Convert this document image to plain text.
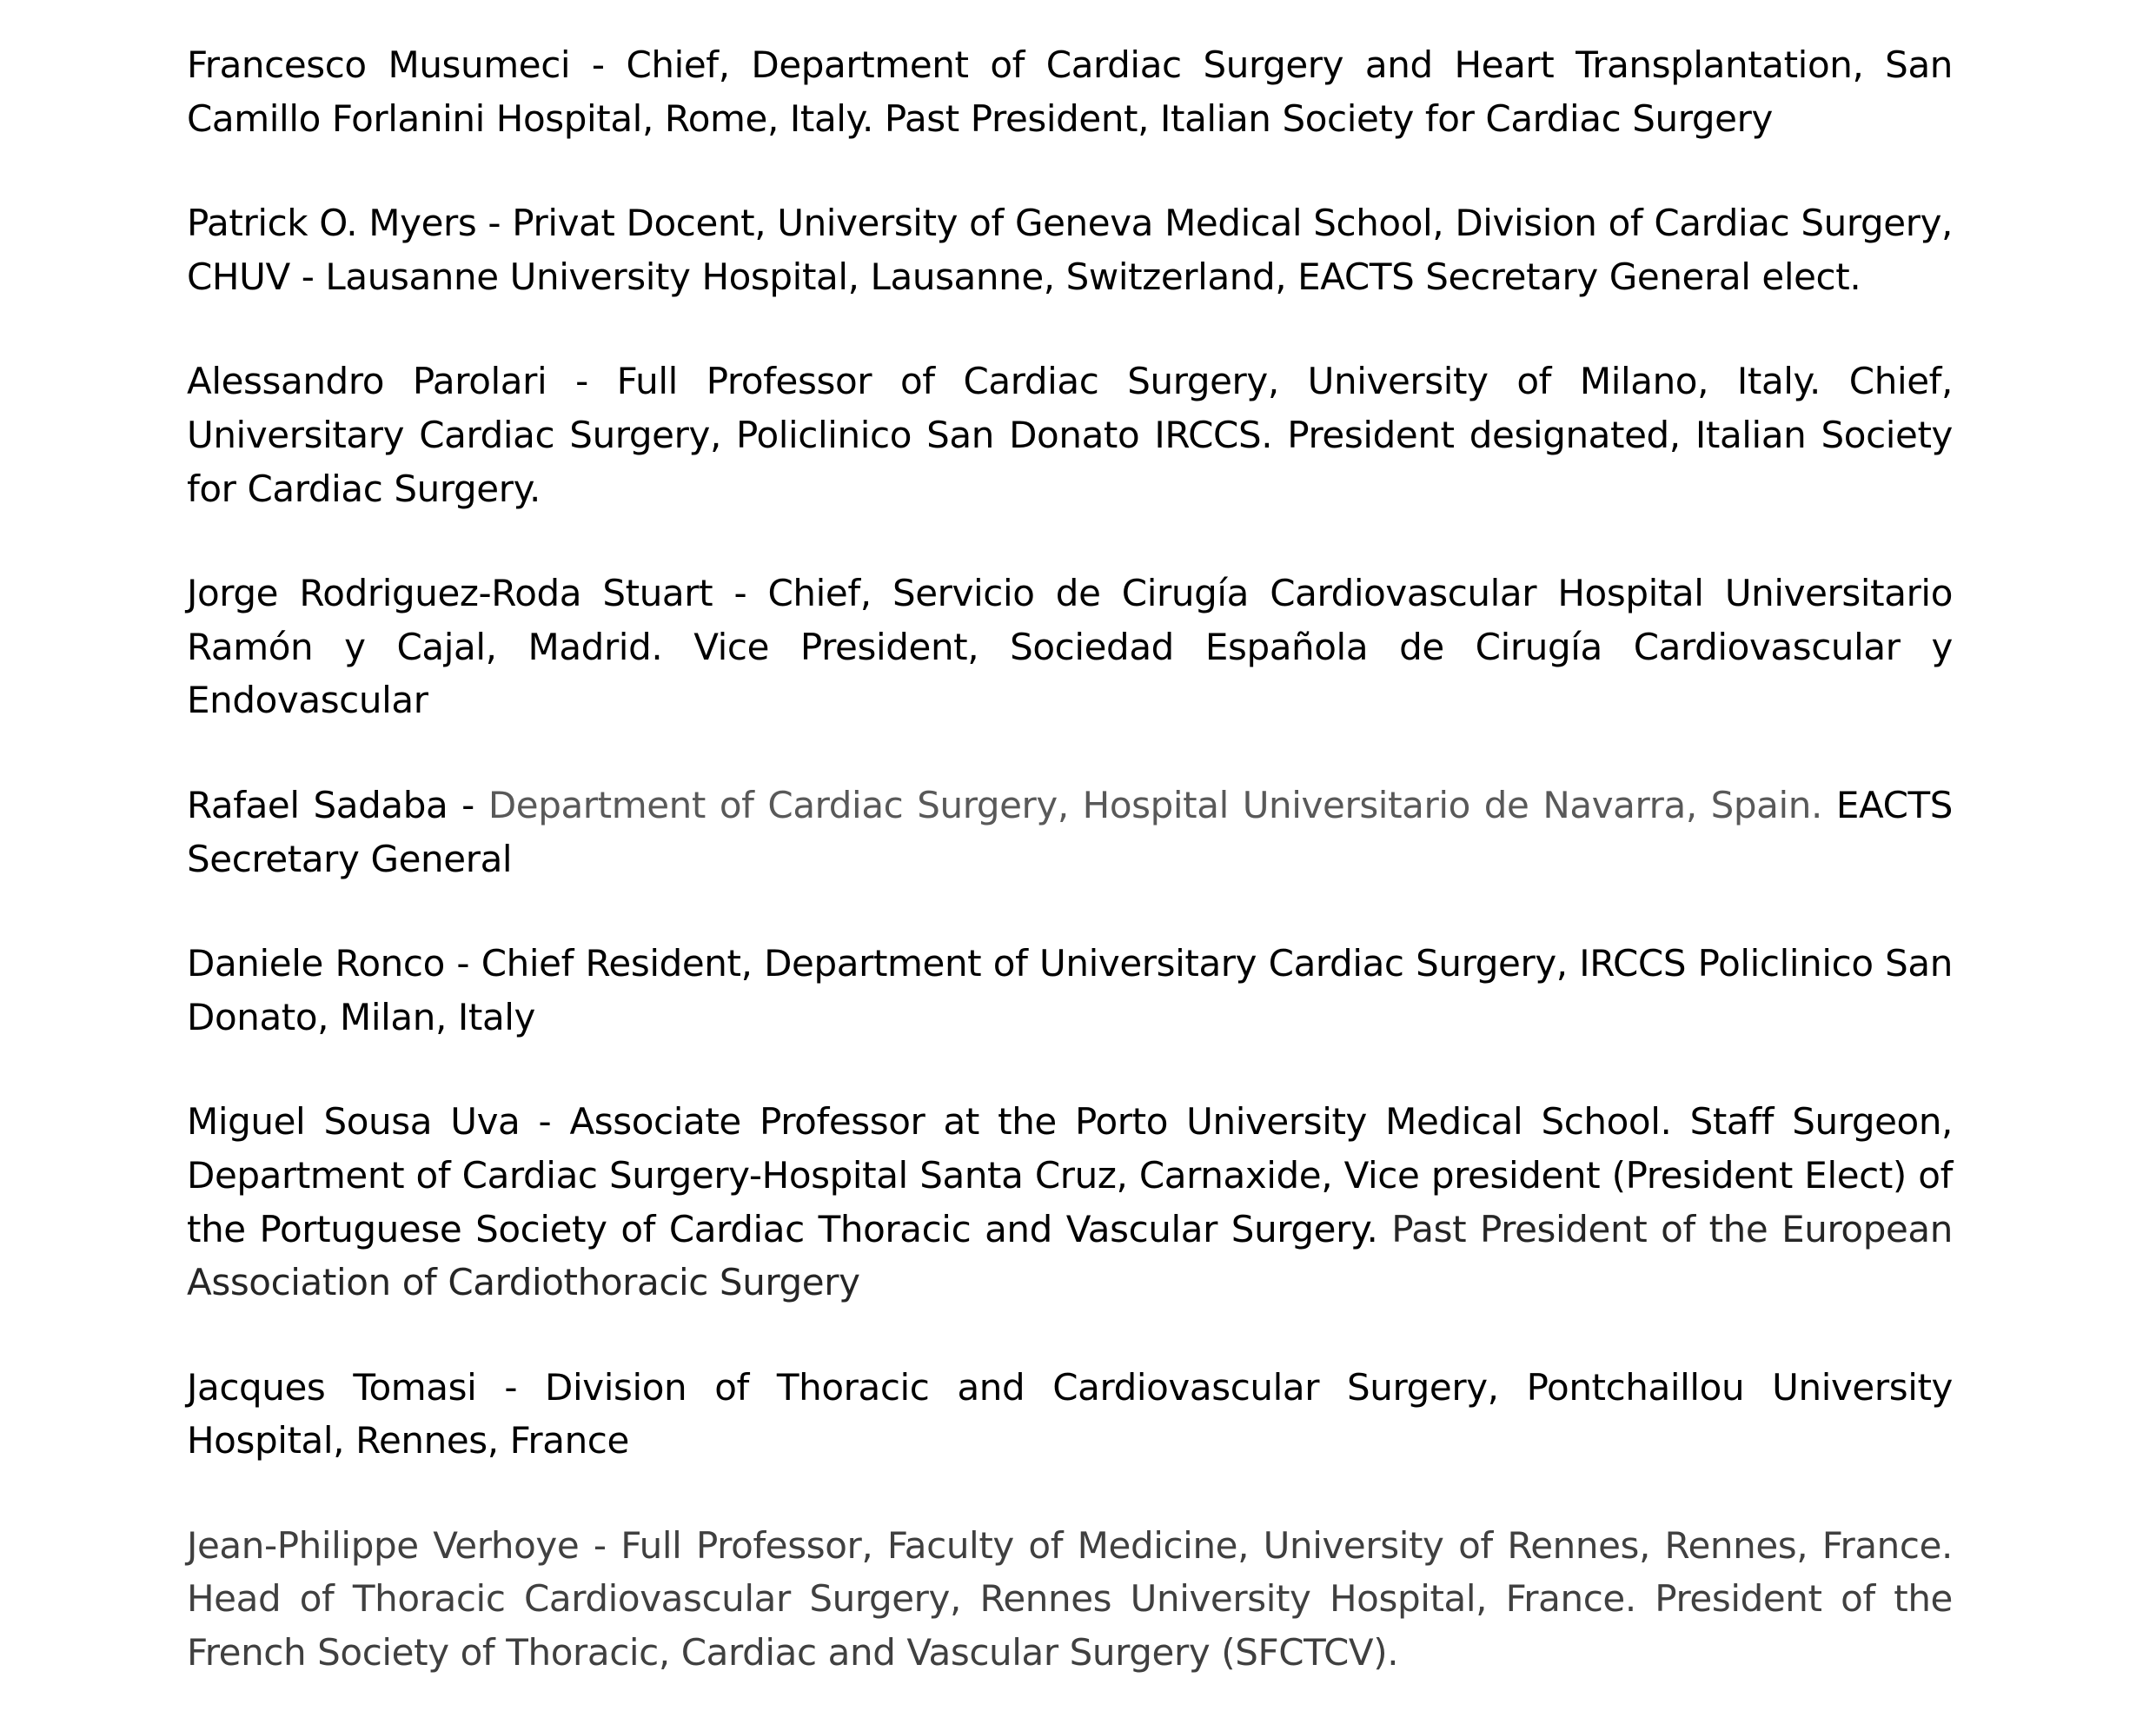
Francesco Musumeci - Chief, Department of Cardiac Surgery and Heart Transplantation, San Camillo Forlanini Hospital, Rome, Italy. Past President, Italian Society for Cardiac Surgery

Patrick O. Myers - Privat Docent, University of Geneva Medical School, Division of Cardiac Surgery, CHUV - Lausanne University Hospital, Lausanne, Switzerland, EACTS Secretary General elect.

Alessandro Parolari - Full Professor of Cardiac Surgery, University of Milano, Italy. Chief, Universitary Cardiac Surgery, Policlinico San Donato IRCCS. President designated, Italian Society for Cardiac Surgery.

Jorge Rodriguez-Roda Stuart - Chief, Servicio de Cirugía Cardiovascular Hospital Universitario Ramón y Cajal, Madrid. Vice President, Sociedad Española de Cirugía Cardiovascular y Endovascular

Rafael Sadaba - Department of Cardiac Surgery, Hospital Universitario de Navarra, Spain. EACTS Secretary General

Daniele Ronco - Chief Resident, Department of Universitary Cardiac Surgery, IRCCS Policlinico San Donato, Milan, Italy

Miguel Sousa Uva - Associate Professor at the Porto University Medical School. Staff Surgeon, Department of Cardiac Surgery-Hospital Santa Cruz, Carnaxide, Vice president (President Elect) of the Portuguese Society of Cardiac Thoracic and Vascular Surgery. Past President of the European Association of Cardiothoracic Surgery

Jacques Tomasi - Division of Thoracic and Cardiovascular Surgery, Pontchaillou University Hospital, Rennes, France

Jean-Philippe Verhoye - Full Professor, Faculty of Medicine, University of Rennes, Rennes, France. Head of Thoracic Cardiovascular Surgery, Rennes University Hospital, France. President of the French Society of Thoracic, Cardiac and Vascular Surgery (SFCTCV).
